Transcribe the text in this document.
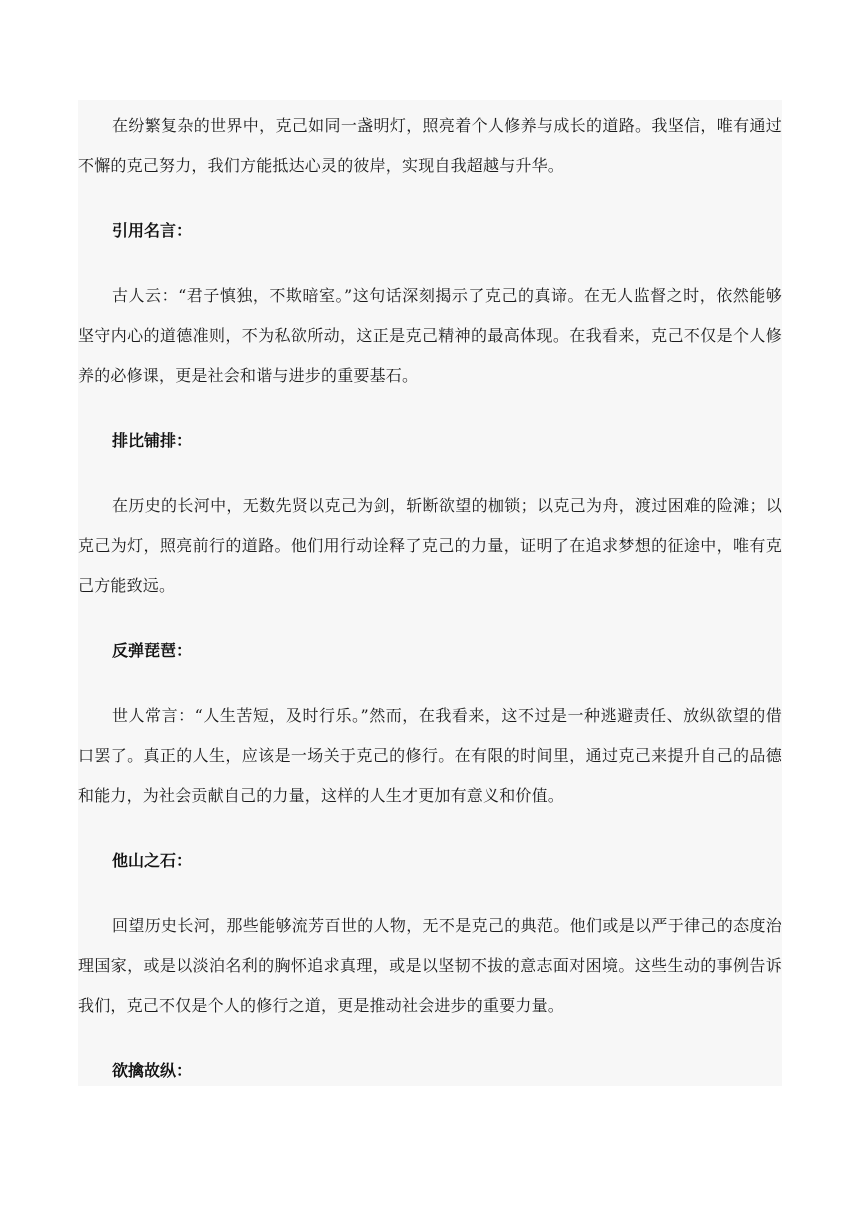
在纷繁复杂的世界中，克己如同一盏明灯，照亮着个人修养与成长的道路。我坚信，唯有通过不懈的克己努力，我们方能抵达心灵的彼岸，实现自我超越与升华。

引用名言：

古人云：“君子慎独，不欺暗室。”这句话深刻揭示了克己的真谛。在无人监督之时，依然能够坚守内心的道德准则，不为私欲所动，这正是克己精神的最高体现。在我看来，克己不仅是个人修养的必修课，更是社会和谐与进步的重要基石。

排比铺排：

在历史的长河中，无数先贤以克己为剑，斩断欲望的枷锁；以克己为舟，渡过困难的险滩；以克己为灯，照亮前行的道路。他们用行动诠释了克己的力量，证明了在追求梦想的征途中，唯有克己方能致远。

反弹琵琶：

世人常言：“人生苦短，及时行乐。”然而，在我看来，这不过是一种逃避责任、放纵欲望的借口罢了。真正的人生，应该是一场关于克己的修行。在有限的时间里，通过克己来提升自己的品德和能力，为社会贡献自己的力量，这样的人生才更加有意义和价值。

他山之石：

回望历史长河，那些能够流芳百世的人物，无不是克己的典范。他们或是以严于律己的态度治理国家，或是以淡泊名利的胸怀追求真理，或是以坚韧不拔的意志面对困境。这些生动的事例告诉我们，克己不仅是个人的修行之道，更是推动社会进步的重要力量。

欲擒故纵：
